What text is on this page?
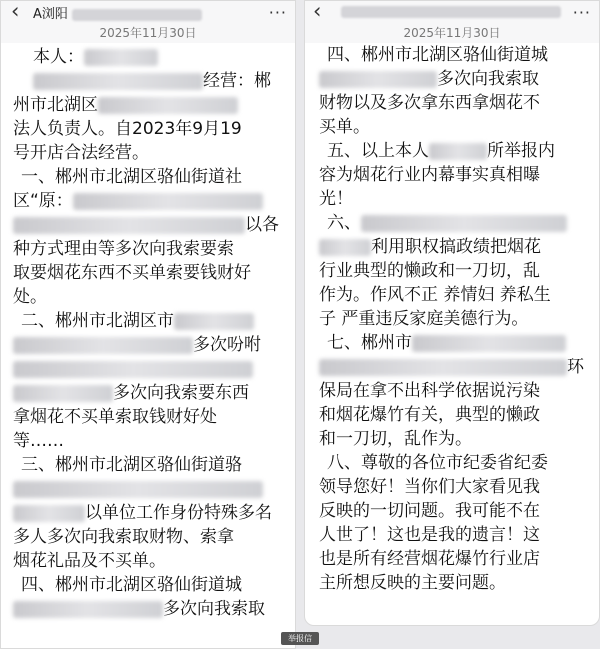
‹ A浏阳	···
2025年11月30日

本人：

经营：郴

州市北湖区

法人负责人。自2023年9月19

号开店合法经营。

一、郴州市北湖区骆仙街道社

区“原：

以各

种方式理由等多次向我索要索

取要烟花东西不买单索要钱财好

处。

二、郴州市北湖区市

多次吩咐

多次向我索要东西

拿烟花不买单索取钱财好处

等……

三、郴州市北湖区骆仙街道骆

以单位工作身份特殊多名

多人多次向我索取财物、索拿

烟花礼品及不买单。

四、郴州市北湖区骆仙街道城

多次向我索取

‹	···
2025年11月30日

四、郴州市北湖区骆仙街道城

多次向我索取

财物以及多次拿东西拿烟花不

买单。

五、以上本人	所举报内

容为烟花行业内幕事实真相曝

光！

六、

利用职权搞政绩把烟花

行业典型的懒政和一刀切，乱

作为。作风不正 养情妇 养私生

子 严重违反家庭美德行为。

七、郴州市

环

保局在拿不出科学依据说污染

和烟花爆竹有关，典型的懒政

和一刀切，乱作为。

八、尊敬的各位市纪委省纪委

领导您好！当你们大家看见我

反映的一切问题。我可能不在

人世了！这也是我的遗言！这

也是所有经营烟花爆竹行业店

主所想反映的主要问题。

举报信
